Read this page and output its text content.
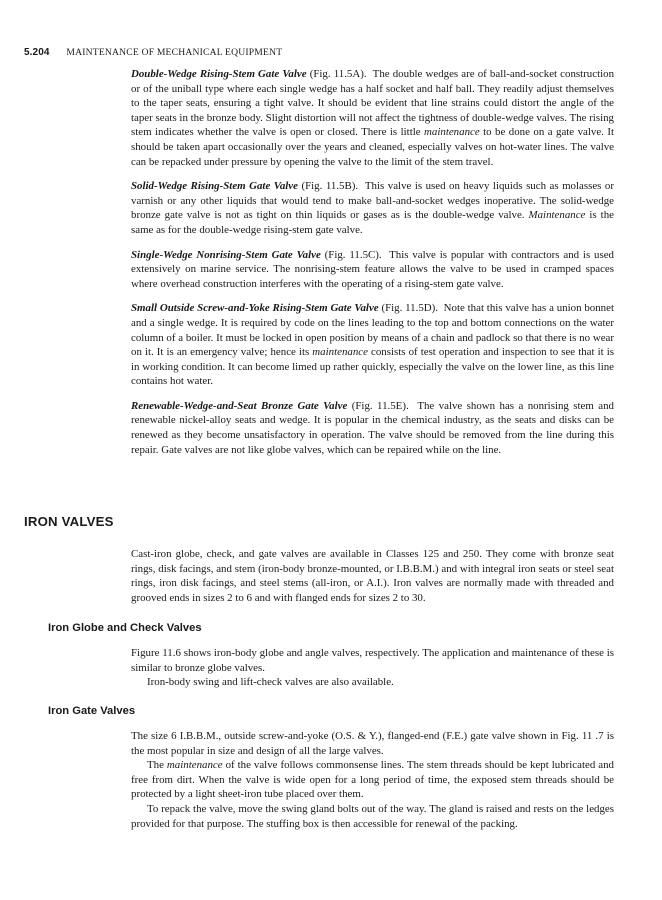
5.204 MAINTENANCE OF MECHANICAL EQUIPMENT

Double-Wedge Rising-Stem Gate Valve (Fig. 11.5A). The double wedges are of ball-and-socket construction or of the uniball type where each single wedge has a half socket and half ball. They readily adjust themselves to the taper seats, ensuring a tight valve. It should be evident that line strains could distort the angle of the taper seats in the bronze body. Slight distortion will not affect the tightness of double-wedge valves. The rising stem indicates whether the valve is open or closed. There is little maintenance to be done on a gate valve. It should be taken apart occasionally over the years and cleaned, especially valves on hot-water lines. The valve can be repacked under pressure by opening the valve to the limit of the stem travel.

Solid-Wedge Rising-Stem Gate Valve (Fig. 11.5B). This valve is used on heavy liquids such as molasses or varnish or any other liquids that would tend to make ball-and-socket wedges inoperative. The solid-wedge bronze gate valve is not as tight on thin liquids or gases as is the double-wedge valve. Maintenance is the same as for the double-wedge rising-stem gate valve.

Single-Wedge Nonrising-Stem Gate Valve (Fig. 11.5C). This valve is popular with contractors and is used extensively on marine service. The nonrising-stem feature allows the valve to be used in cramped spaces where overhead construction interferes with the operating of a rising-stem gate valve.

Small Outside Screw-and-Yoke Rising-Stem Gate Valve (Fig. 11.5D). Note that this valve has a union bonnet and a single wedge. It is required by code on the lines leading to the top and bottom connections on the water column of a boiler. It must be locked in open position by means of a chain and padlock so that there is no wear on it. It is an emergency valve; hence its maintenance consists of test operation and inspection to see that it is in working condition. It can become limed up rather quickly, especially the valve on the lower line, as this line contains hot water.

Renewable-Wedge-and-Seat Bronze Gate Valve (Fig. 11.5E). The valve shown has a nonrising stem and renewable nickel-alloy seats and wedge. It is popular in the chemical industry, as the seats and disks can be renewed as they become unsatisfactory in operation. The valve should be removed from the line during this repair. Gate valves are not like globe valves, which can be repaired while on the line.

IRON VALVES

Cast-iron globe, check, and gate valves are available in Classes 125 and 250. They come with bronze seat rings, disk facings, and stem (iron-body bronze-mounted, or I.B.B.M.) and with integral iron seats or steel seat rings, iron disk facings, and steel stems (all-iron, or A.I.). Iron valves are normally made with threaded and grooved ends in sizes 2 to 6 and with flanged ends for sizes 2 to 30.

Iron Globe and Check Valves

Figure 11.6 shows iron-body globe and angle valves, respectively. The application and maintenance of these is similar to bronze globe valves.

Iron-body swing and lift-check valves are also available.

Iron Gate Valves

The size 6 I.B.B.M., outside screw-and-yoke (O.S. & Y.), flanged-end (F.E.) gate valve shown in Fig. 11 .7 is the most popular in size and design of all the large valves.

The maintenance of the valve follows commonsense lines. The stem threads should be kept lubricated and free from dirt. When the valve is wide open for a long period of time, the exposed stem threads should be protected by a light sheet-iron tube placed over them.

To repack the valve, move the swing gland bolts out of the way. The gland is raised and rests on the ledges provided for that purpose. The stuffing box is then accessible for renewal of the packing.
